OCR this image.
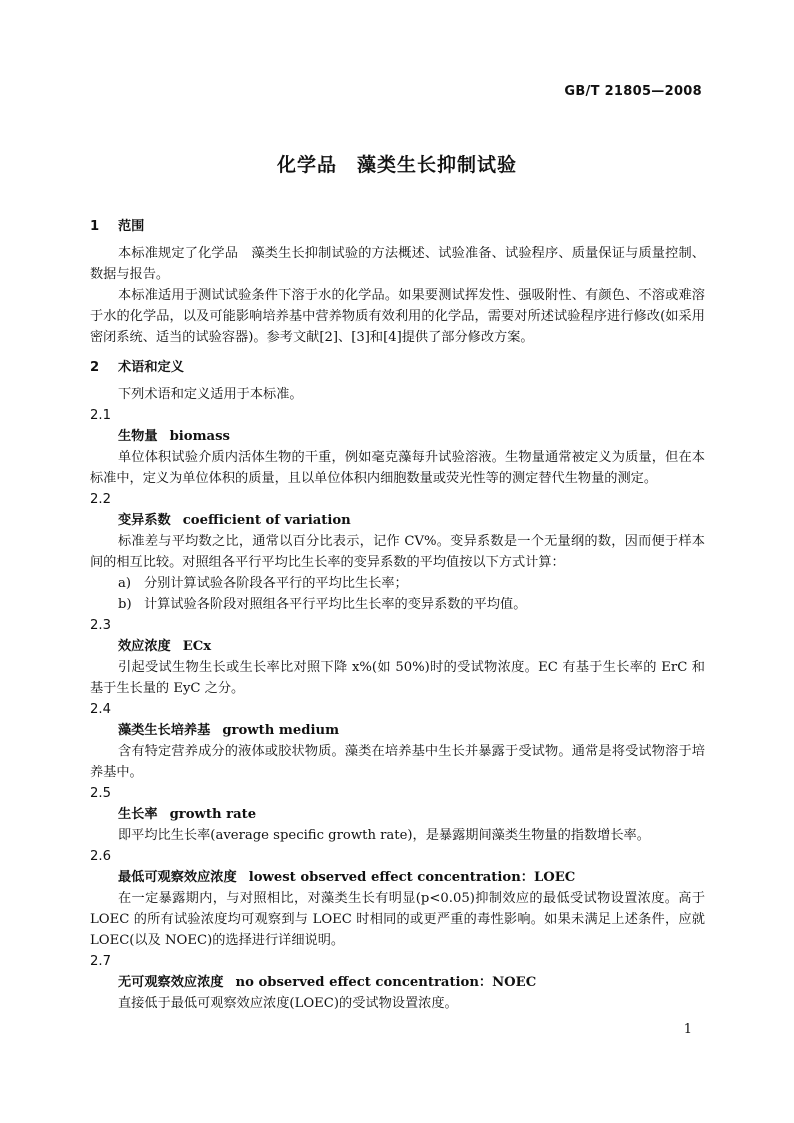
GB/T 21805—2008
化学品　藻类生长抑制试验
1 范围

本标准规定了化学品　藻类生长抑制试验的方法概述、试验准备、试验程序、质量保证与质量控制、数据与报告。

本标准适用于测试试验条件下溶于水的化学品。如果要测试挥发性、强吸附性、有颜色、不溶或难溶于水的化学品，以及可能影响培养基中营养物质有效利用的化学品，需要对所述试验程序进行修改(如采用密闭系统、适当的试验容器)。参考文献[2]、[3]和[4]提供了部分修改方案。

2 术语和定义

下列术语和定义适用于本标准。

2.1
生物量 biomass

单位体积试验介质内活体生物的干重，例如毫克藻每升试验溶液。生物量通常被定义为质量，但在本标准中，定义为单位体积的质量，且以单位体积内细胞数量或荧光性等的测定替代生物量的测定。

2.2
变异系数 coefficient of variation

标准差与平均数之比，通常以百分比表示，记作 CV%。变异系数是一个无量纲的数，因而便于样本间的相互比较。对照组各平行平均比生长率的变异系数的平均值按以下方式计算：

a) 分别计算试验各阶段各平行的平均比生长率；
b) 计算试验各阶段对照组各平行平均比生长率的变异系数的平均值。
2.3
效应浓度 ECx

引起受试生物生长或生长率比对照下降 x%(如 50%)时的受试物浓度。EC 有基于生长率的 ErC 和基于生长量的 EyC 之分。

2.4
藻类生长培养基 growth medium

含有特定营养成分的液体或胶状物质。藻类在培养基中生长并暴露于受试物。通常是将受试物溶于培养基中。

2.5
生长率 growth rate

即平均比生长率(average specific growth rate)，是暴露期间藻类生物量的指数增长率。

2.6
最低可观察效应浓度 lowest observed effect concentration：LOEC

在一定暴露期内，与对照相比，对藻类生长有明显(p<0.05)抑制效应的最低受试物设置浓度。高于 LOEC 的所有试验浓度均可观察到与 LOEC 时相同的或更严重的毒性影响。如果未满足上述条件，应就 LOEC(以及 NOEC)的选择进行详细说明。

2.7
无可观察效应浓度 no observed effect concentration：NOEC

直接低于最低可观察效应浓度(LOEC)的受试物设置浓度。

1
